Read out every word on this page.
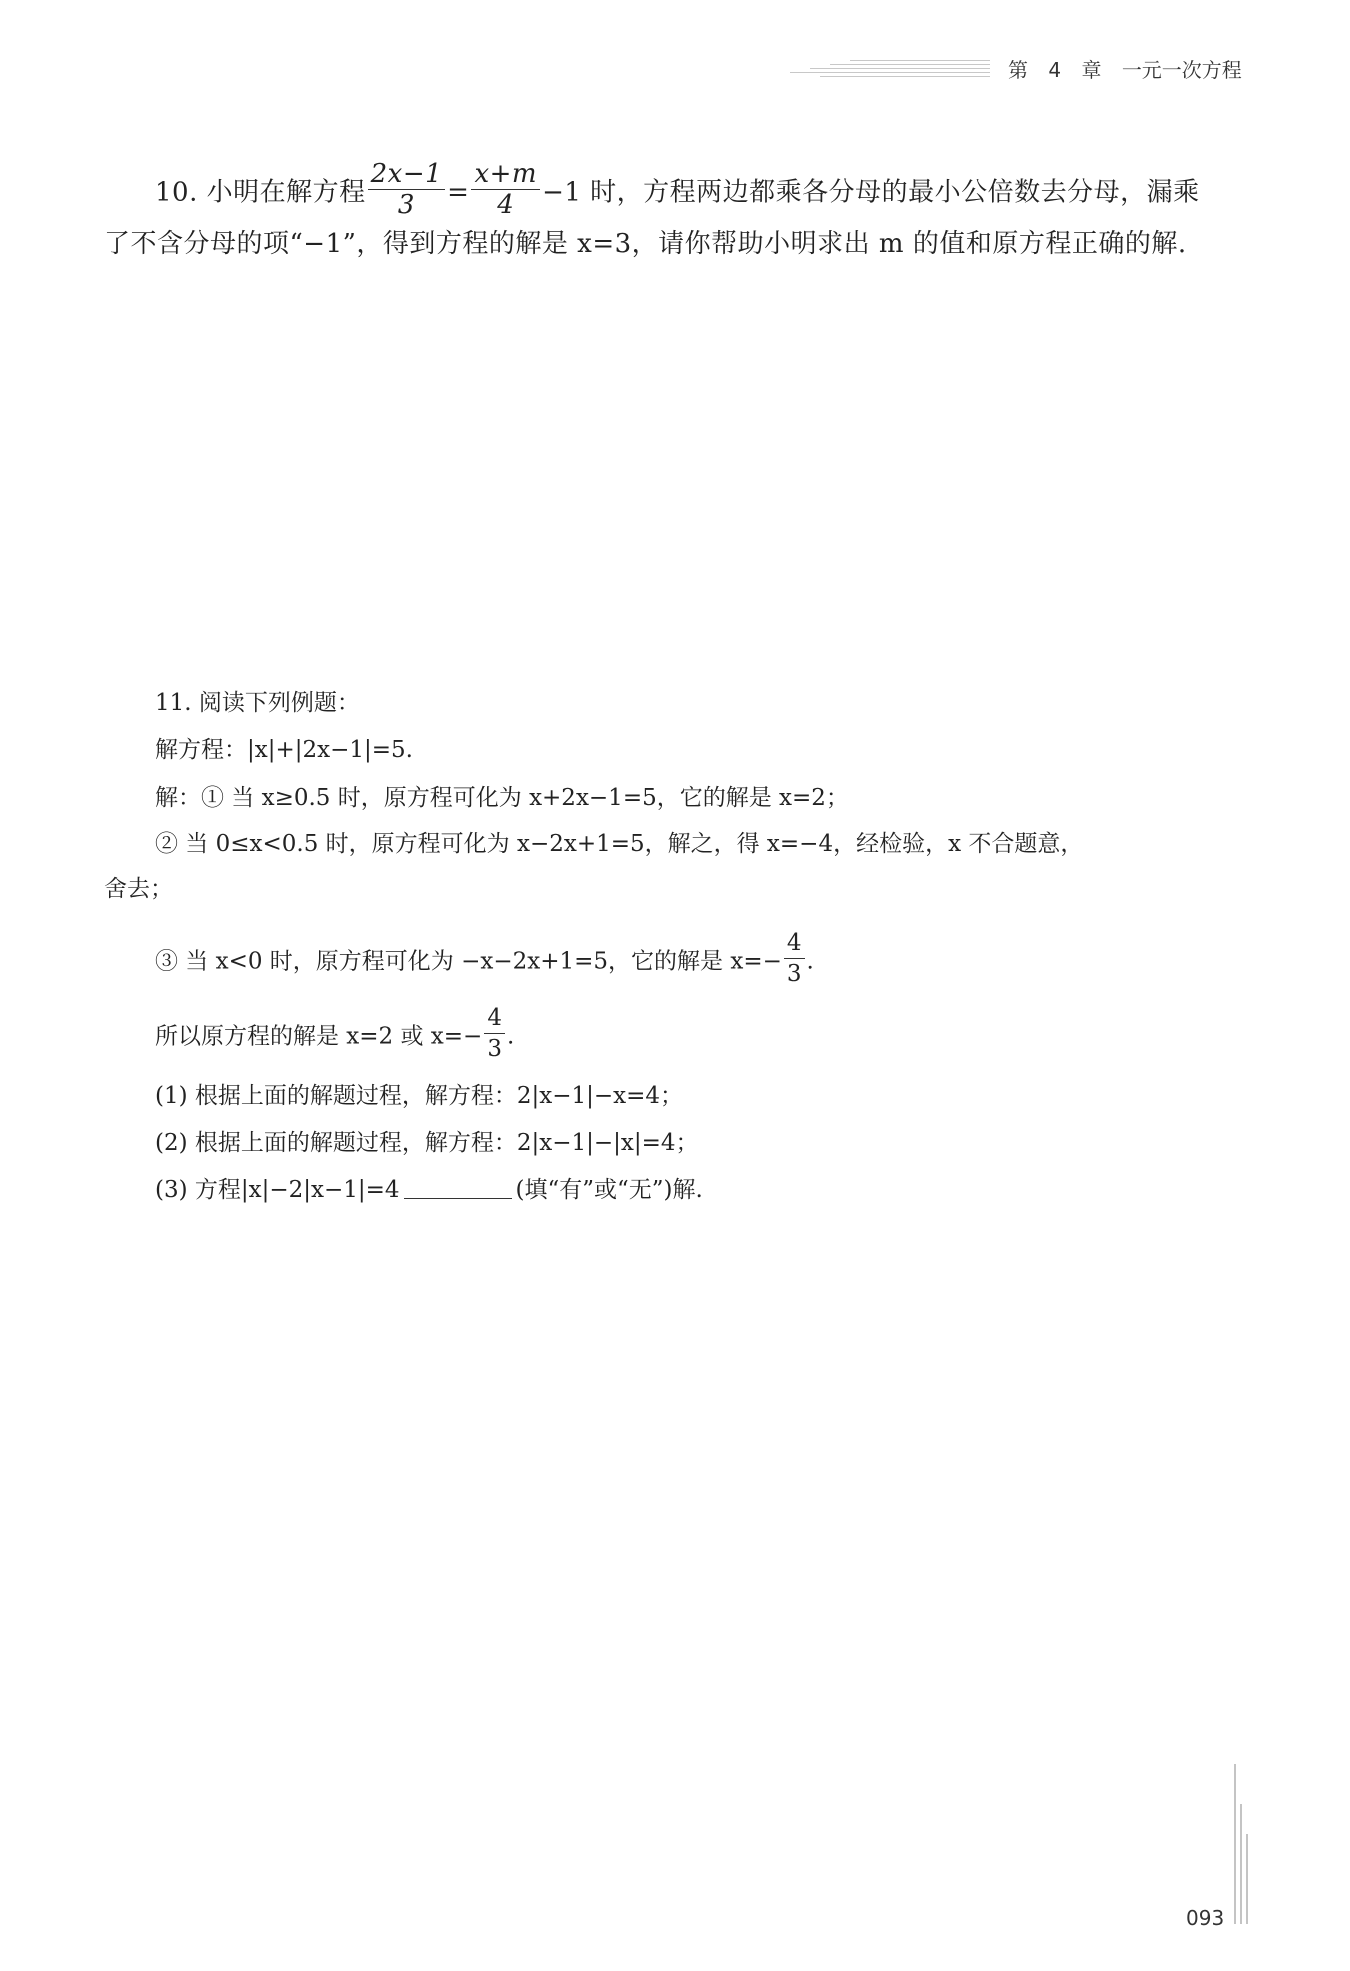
第 4 章 一元一次方程
10. 小明在解方程 $\frac{2x-1}{3} = \frac{x+m}{4} -1$ 时，方程两边都乘各分母的最小公倍数去分母，漏乘
了不含分母的项“−1”，得到方程的解是 x=3，请你帮助小明求出 m 的值和原方程正确的解.
11. 阅读下列例题：
解方程：|x|+|2x−1|=5.
解：① 当 x≥0.5 时，原方程可化为 x+2x−1=5，它的解是 x=2；
② 当 0≤x<0.5 时，原方程可化为 x−2x+1=5，解之，得 x=−4，经检验，x 不合题意，
舍去；
③ 当 x<0 时，原方程可化为 −x−2x+1=5，它的解是 $x=- \frac{4}{3}$ .
所以原方程的解是 x=2 或 $x=- \frac{4}{3}$ .
(1) 根据上面的解题过程，解方程：2|x−1|−x=4；
(2) 根据上面的解题过程，解方程：2|x−1|−|x|=4；
(3) 方程|x|−2|x−1|=4	(填“有”或“无”)解.
093
